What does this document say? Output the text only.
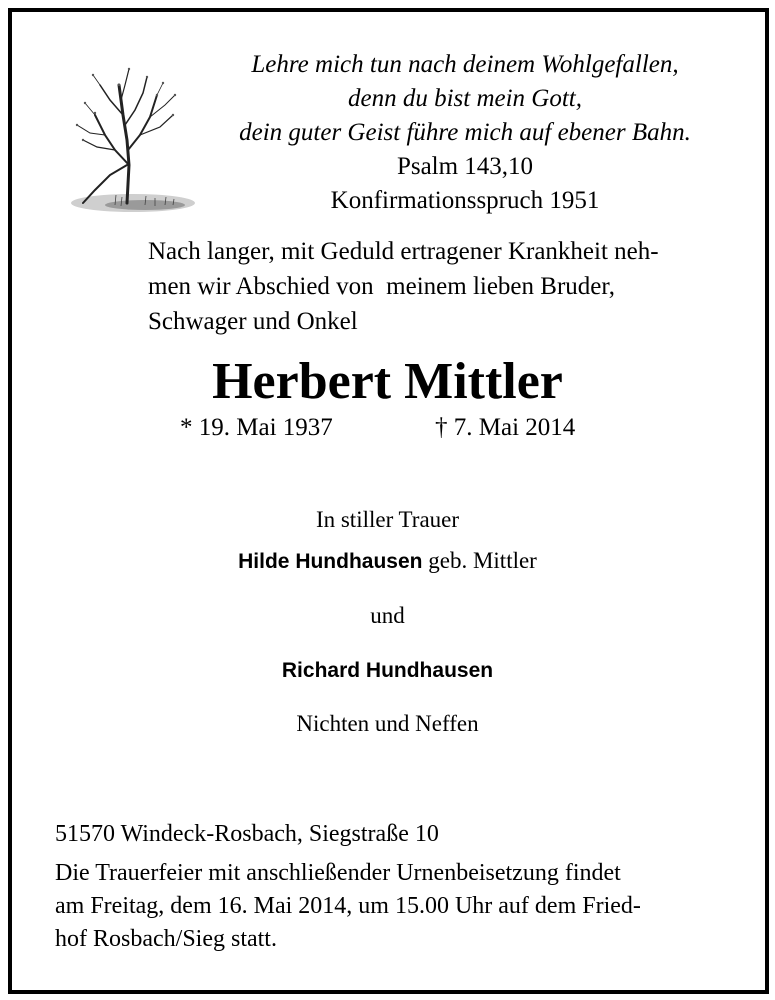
Lehre mich tun nach deinem Wohlgefallen,
denn du bist mein Gott,
dein guter Geist führe mich auf ebener Bahn.
Psalm 143,10
Konfirmationsspruch 1951
Nach langer, mit Geduld ertragener Krankheit neh-
men wir Abschied von  meinem lieben Bruder,
Schwager und Onkel
Herbert Mittler
* 19. Mai 1937	† 7. Mai 2014
In stiller Trauer
Hilde Hundhausen geb. Mittler
und
Richard Hundhausen
Nichten und Neffen
51570 Windeck-Rosbach, Siegstraße 10
Die Trauerfeier mit anschließender Urnenbeisetzung findet
am Freitag, dem 16. Mai 2014, um 15.00 Uhr auf dem Fried-
hof Rosbach/Sieg statt.
